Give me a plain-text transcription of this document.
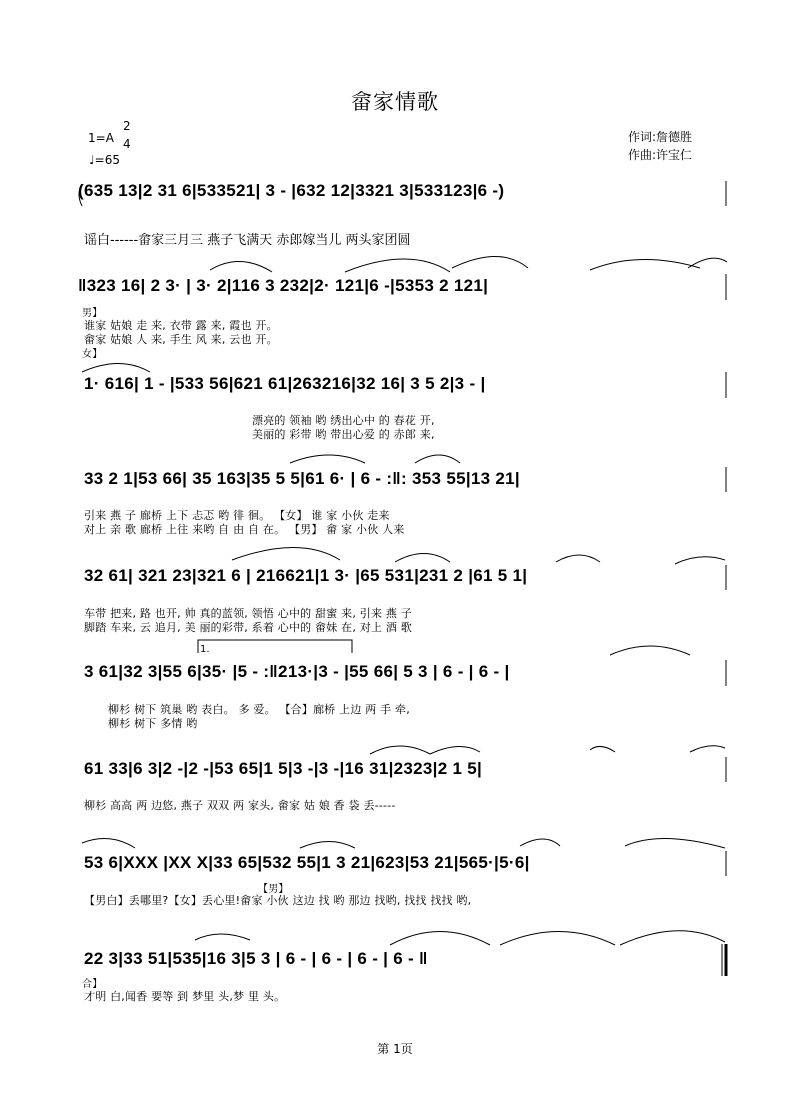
畲家情歌
1=A
2
4
♩=65
作词:詹德胜
作曲:许宝仁
(635 13|2 31 6|533521| 3 - |632 12|3321 3|533123|6 -)
谣白------畲家三月三 燕子飞满天 赤郎嫁当儿 两头家团圆
‖323 16| 2 3· | 3· 2|116 3 232|2· 121|6 -|5353 2 121|
男】
谁家 姑娘 走 来, 衣带 露 来, 霞也 开。
畲家 姑娘 人 来, 手生 风 来, 云也 开。
女】
1· 616| 1 - |533 56|621 61|263216|32 16| 3 5 2|3 - |
漂亮的 领袖 哟 绣出心中 的 春花 开,
美丽的 彩带 哟 带出心爱 的 赤郎 来,
33 2 1|53 66| 35 163|35 5 5|61 6· | 6 - :‖: 353 55|13 21|
引来 燕 子 廊桥 上下 忐忑 哟 徘 徊。 【女】 谁 家 小伙 走来
对上 亲 歌 廊桥 上往 来哟 自 由 自 在。 【男】 畲 家 小伙 人来
32 61| 321 23|321 6 | 216621|1 3· |65 531|231 2 |61 5 1|
车带 把来, 路 也开, 帅 真的蓝领, 领悟 心中的 甜蜜 来, 引来 燕 子
脚踏 车来, 云 追月, 美 丽的彩带, 系着 心中的 畲妹 在, 对上 酒 歌
1.
3 61|32 3|55 6|35· |5 - :‖213·|3 - |55 66| 5 3 | 6 - | 6 - |
柳杉 树下 筑巢 哟 表白。 多 爱。 【合】廊桥 上边 两 手 牵,
柳杉 树下 多情 哟
61 33|6 3|2 -|2 -|53 65|1 5|3 -|3 -|16 31|2323|2 1 5|
柳杉 高高 两 边悠, 燕子 双双 两 家头, 畲家 姑 娘 香 袋 丢-----
53 6|XXX |XX X|33 65|532 55|1 3 21|623|53 21|565·|5·6|
【男】
【男白】丢哪里?【女】丢心里!畲家 小伙 这边 找 哟 那边 找哟, 找找 找找 哟,
22 3|33 51|535|16 3|5 3 | 6 - | 6 - | 6 - | 6 - ‖
合】
才明 白,闻香 要等 到 梦里 头,梦 里 头。
第 1页
